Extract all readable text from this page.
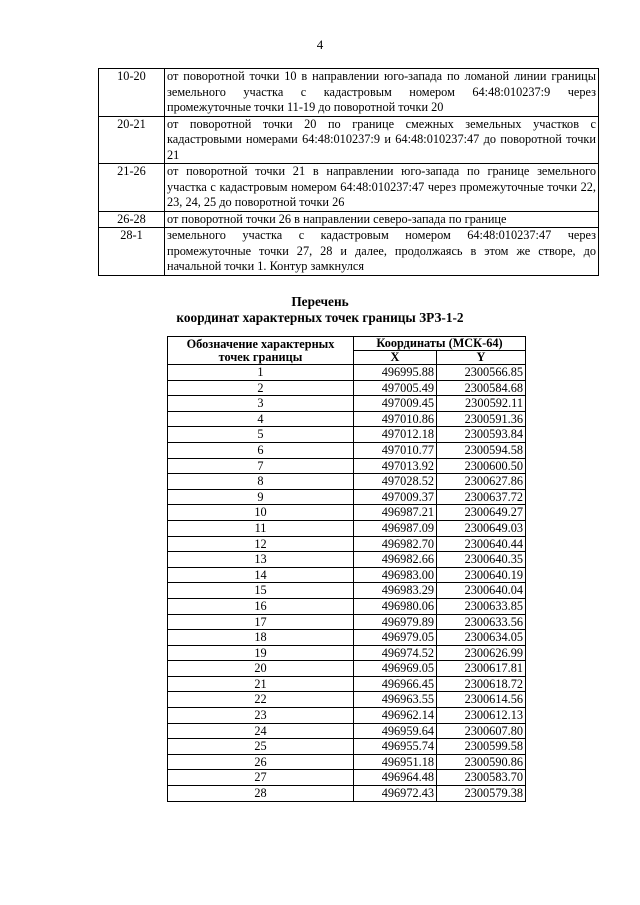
4
10-20	от поворотной точки 10 в направлении юго-запада по ломаной линии границы земельного участка с кадастровым номером 64:48:010237:9 через промежуточные точки 11-19 до поворотной точки 20
20-21	от поворотной точки 20 по границе смежных земельных участков с кадастровыми номерами 64:48:010237:9 и 64:48:010237:47 до поворотной точки 21
21-26	от поворотной точки 21 в направлении юго-запада по границе земельного участка с кадастровым номером 64:48:010237:47 через промежуточные точки 22, 23, 24, 25 до поворотной точки 26
26-28	от поворотной точки 26 в направлении северо-запада по границе
28-1	земельного участка с кадастровым номером 64:48:010237:47 через промежуточные точки 27, 28 и далее, продолжаясь в этом же створе, до начальной точки 1. Контур замкнулся
Перечень
координат характерных точек границы ЗРЗ-1-2
Обозначение характерных точек границы	Координаты (МСК-64)	
	X	Y
1	496995.88	2300566.85
2	497005.49	2300584.68
3	497009.45	2300592.11
4	497010.86	2300591.36
5	497012.18	2300593.84
6	497010.77	2300594.58
7	497013.92	2300600.50
8	497028.52	2300627.86
9	497009.37	2300637.72
10	496987.21	2300649.27
11	496987.09	2300649.03
12	496982.70	2300640.44
13	496982.66	2300640.35
14	496983.00	2300640.19
15	496983.29	2300640.04
16	496980.06	2300633.85
17	496979.89	2300633.56
18	496979.05	2300634.05
19	496974.52	2300626.99
20	496969.05	2300617.81
21	496966.45	2300618.72
22	496963.55	2300614.56
23	496962.14	2300612.13
24	496959.64	2300607.80
25	496955.74	2300599.58
26	496951.18	2300590.86
27	496964.48	2300583.70
28	496972.43	2300579.38
